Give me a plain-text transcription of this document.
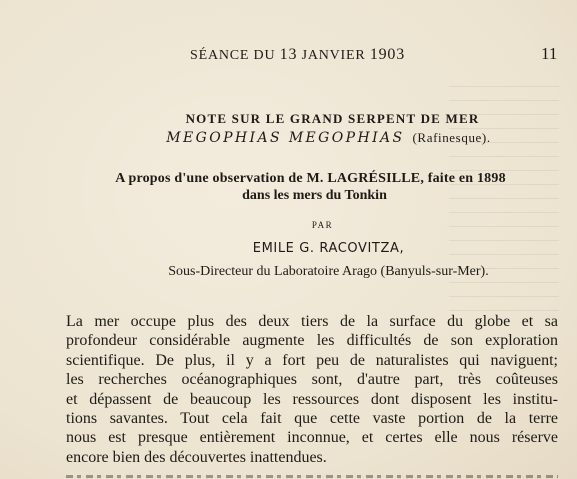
SÉANCE DU 13 JANVIER 1903	11
NOTE SUR LE GRAND SERPENT DE MER
MEGOPHIAS MEGOPHIAS (Rafinesque).
A propos d'une observation de M. LAGRÉSILLE, faite en 1898
dans les mers du Tonkin
PAR
EMILE G. RACOVITZA,
Sous-Directeur du Laboratoire Arago (Banyuls-sur-Mer).
La mer occupe plus des deux tiers de la surface du globe et sa
profondeur considérable augmente les difficultés de son exploration
scientifique. De plus, il y a fort peu de naturalistes qui naviguent;
les recherches océanographiques sont, d'autre part, très coûteuses
et dépassent de beaucoup les ressources dont disposent les institu-
tions savantes. Tout cela fait que cette vaste portion de la terre
nous est presque entièrement inconnue, et certes elle nous réserve
encore bien des découvertes inattendues.
